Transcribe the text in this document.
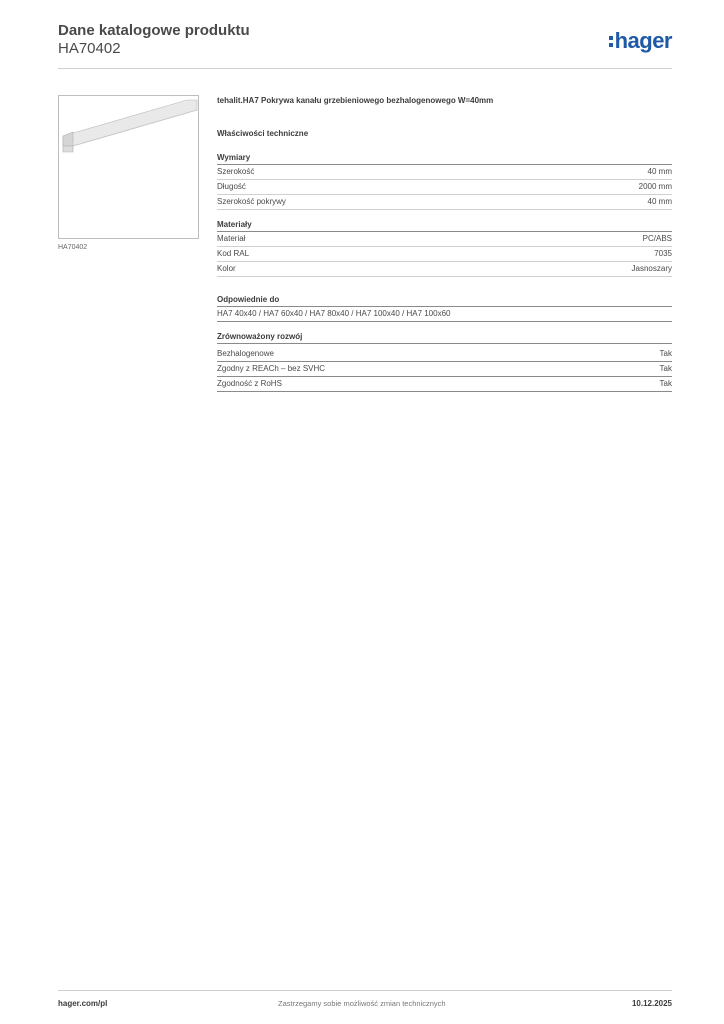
Dane katalogowe produktu
HA70402	hager
HA70402
tehalit.HA7 Pokrywa kanału grzebieniowego bezhalogenowego W=40mm
Właściwości techniczne
Wymiary
Szerokość	40 mm
Długość	2000 mm
Szerokość pokrywy	40 mm
Materiały
Materiał	PC/ABS
Kod RAL	7035
Kolor	Jasnoszary
Odpowiednie do
HA7 40x40 / HA7 60x40 / HA7 80x40 / HA7 100x40 / HA7 100x60
Zrównoważony rozwój
Bezhalogenowe	Tak
Zgodny z REACh – bez SVHC	Tak
Zgodność z RoHS	Tak
hager.com/pl	Zastrzegamy sobie możliwość zmian technicznych	10.12.2025
